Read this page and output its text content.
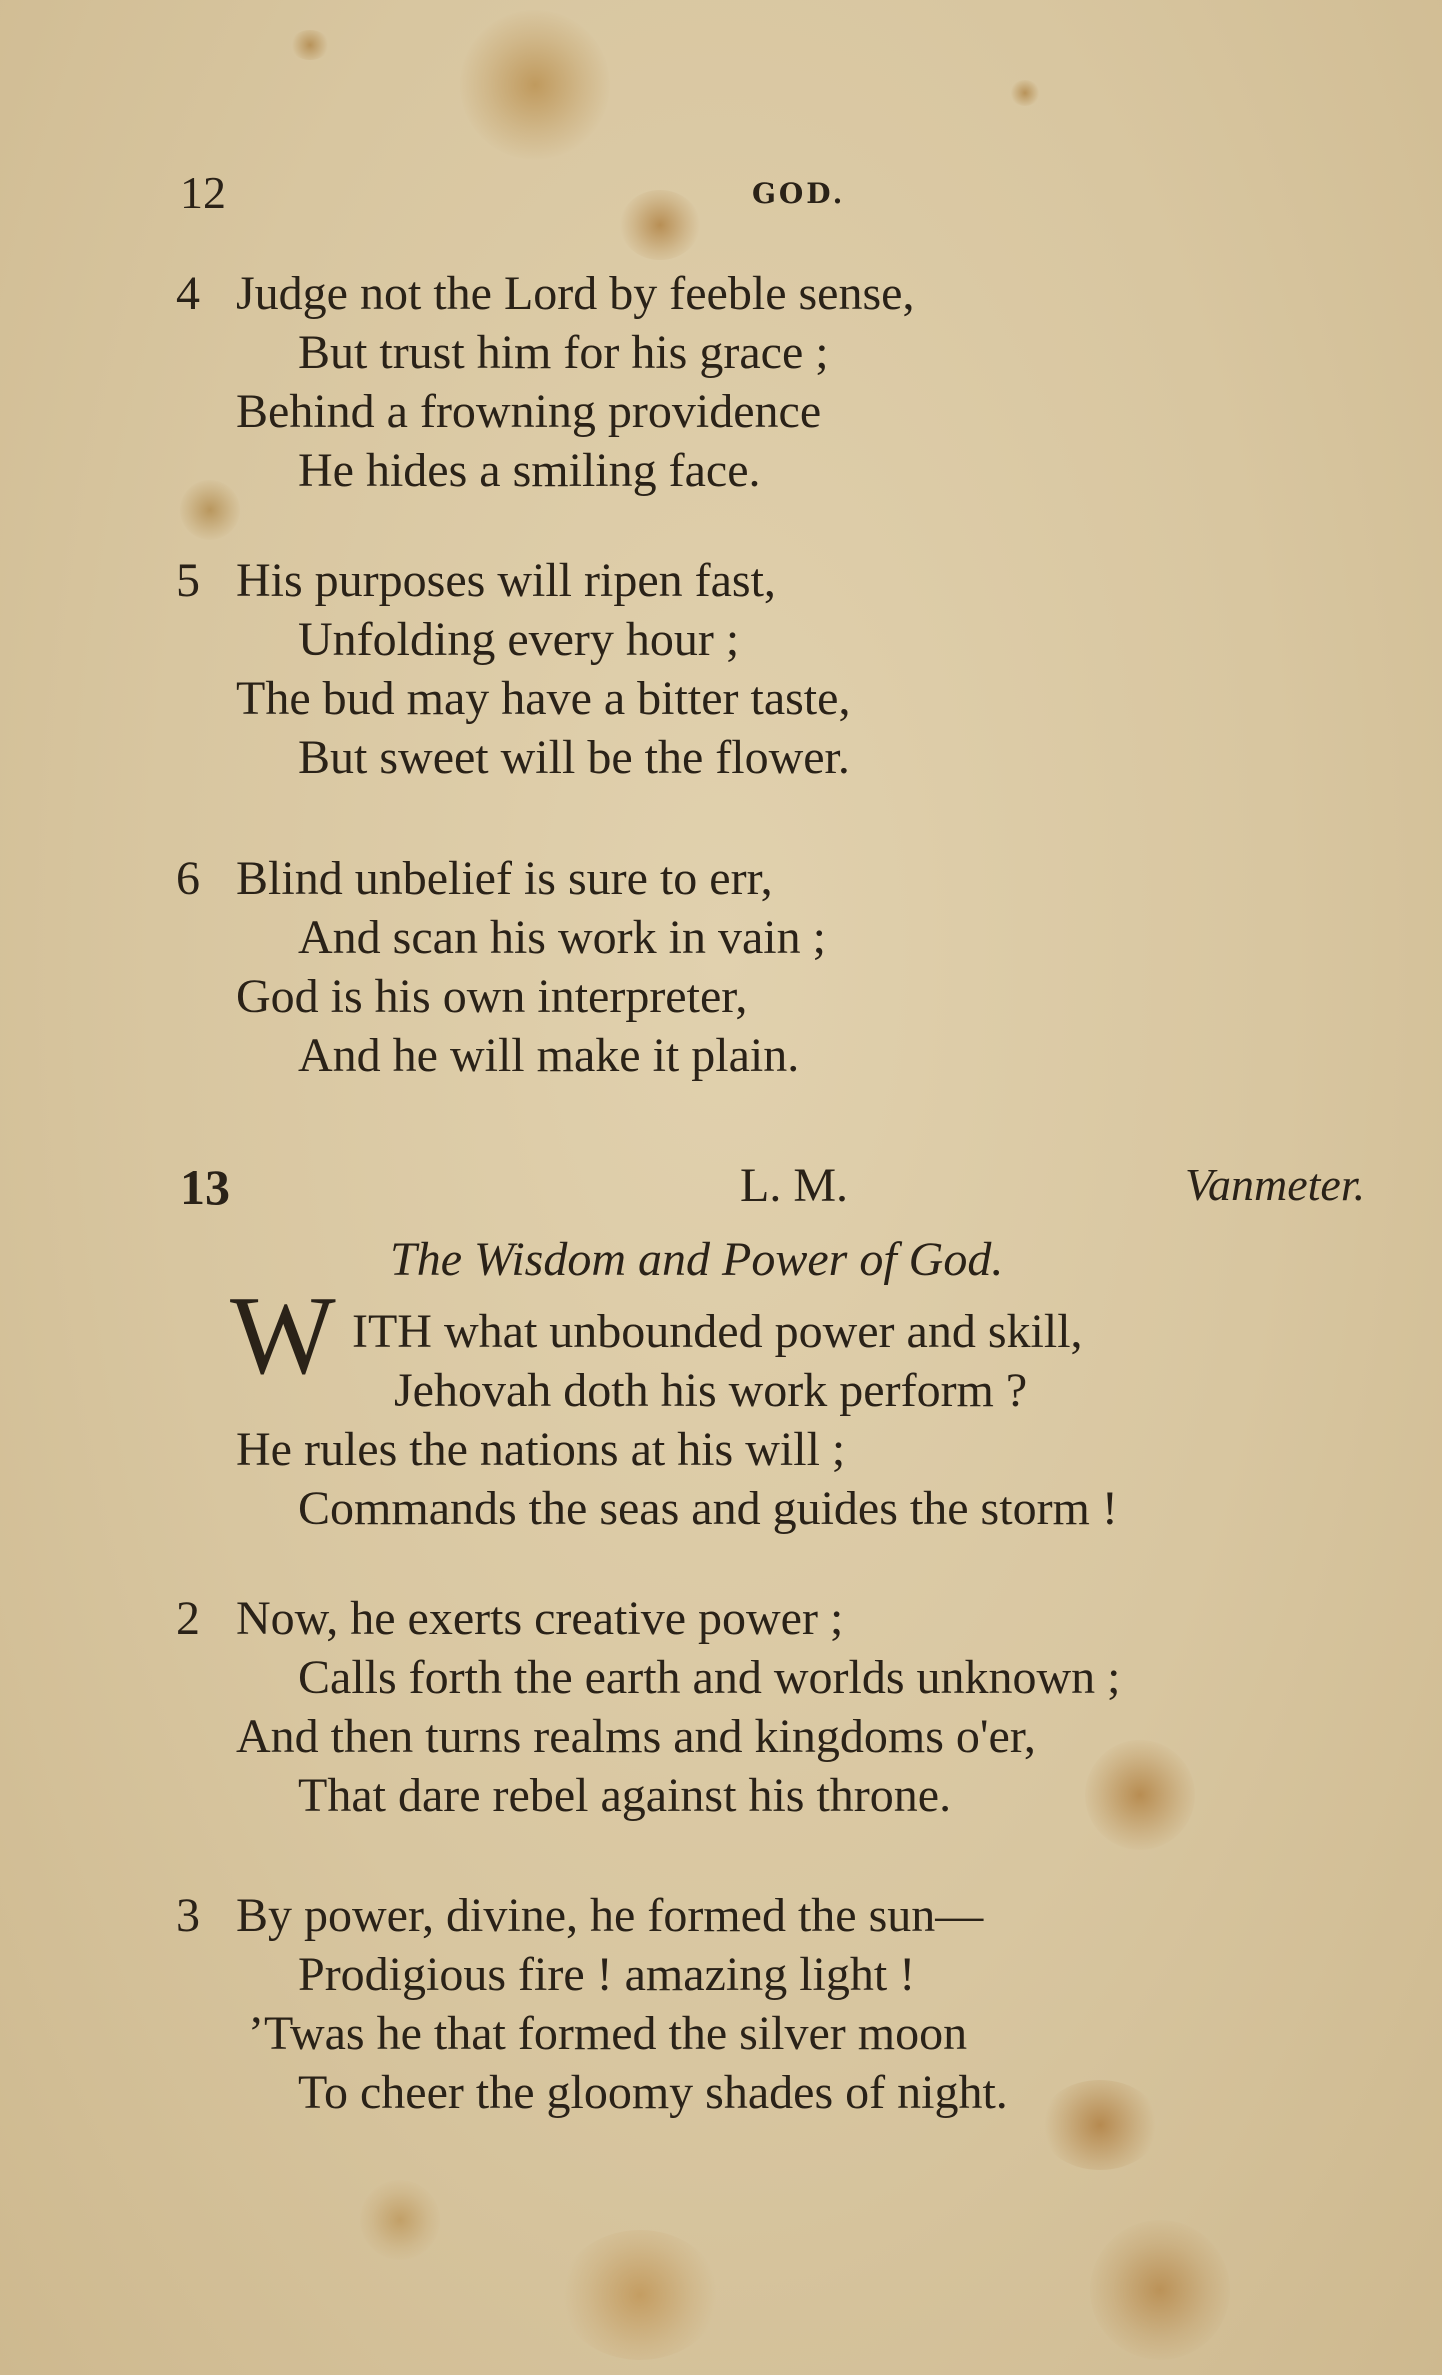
12	GOD.
4 Judge not the Lord by feeble sense,
But trust him for his grace ;
Behind a frowning providence
He hides a smiling face.
5 His purposes will ripen fast,
Unfolding every hour ;
The bud may have a bitter taste,
But sweet will be the flower.
6 Blind unbelief is sure to err,
And scan his work in vain ;
God is his own interpreter,
And he will make it plain.
13	L. M.	Vanmeter.
The Wisdom and Power of God.
W ITH what unbounded power and skill,
Jehovah doth his work perform ?
He rules the nations at his will ;
Commands the seas and guides the storm !
2 Now, he exerts creative power ;
Calls forth the earth and worlds unknown ;
And then turns realms and kingdoms o'er,
That dare rebel against his throne.
3 By power, divine, he formed the sun—
Prodigious fire ! amazing light !
’Twas he that formed the silver moon
To cheer the gloomy shades of night.
